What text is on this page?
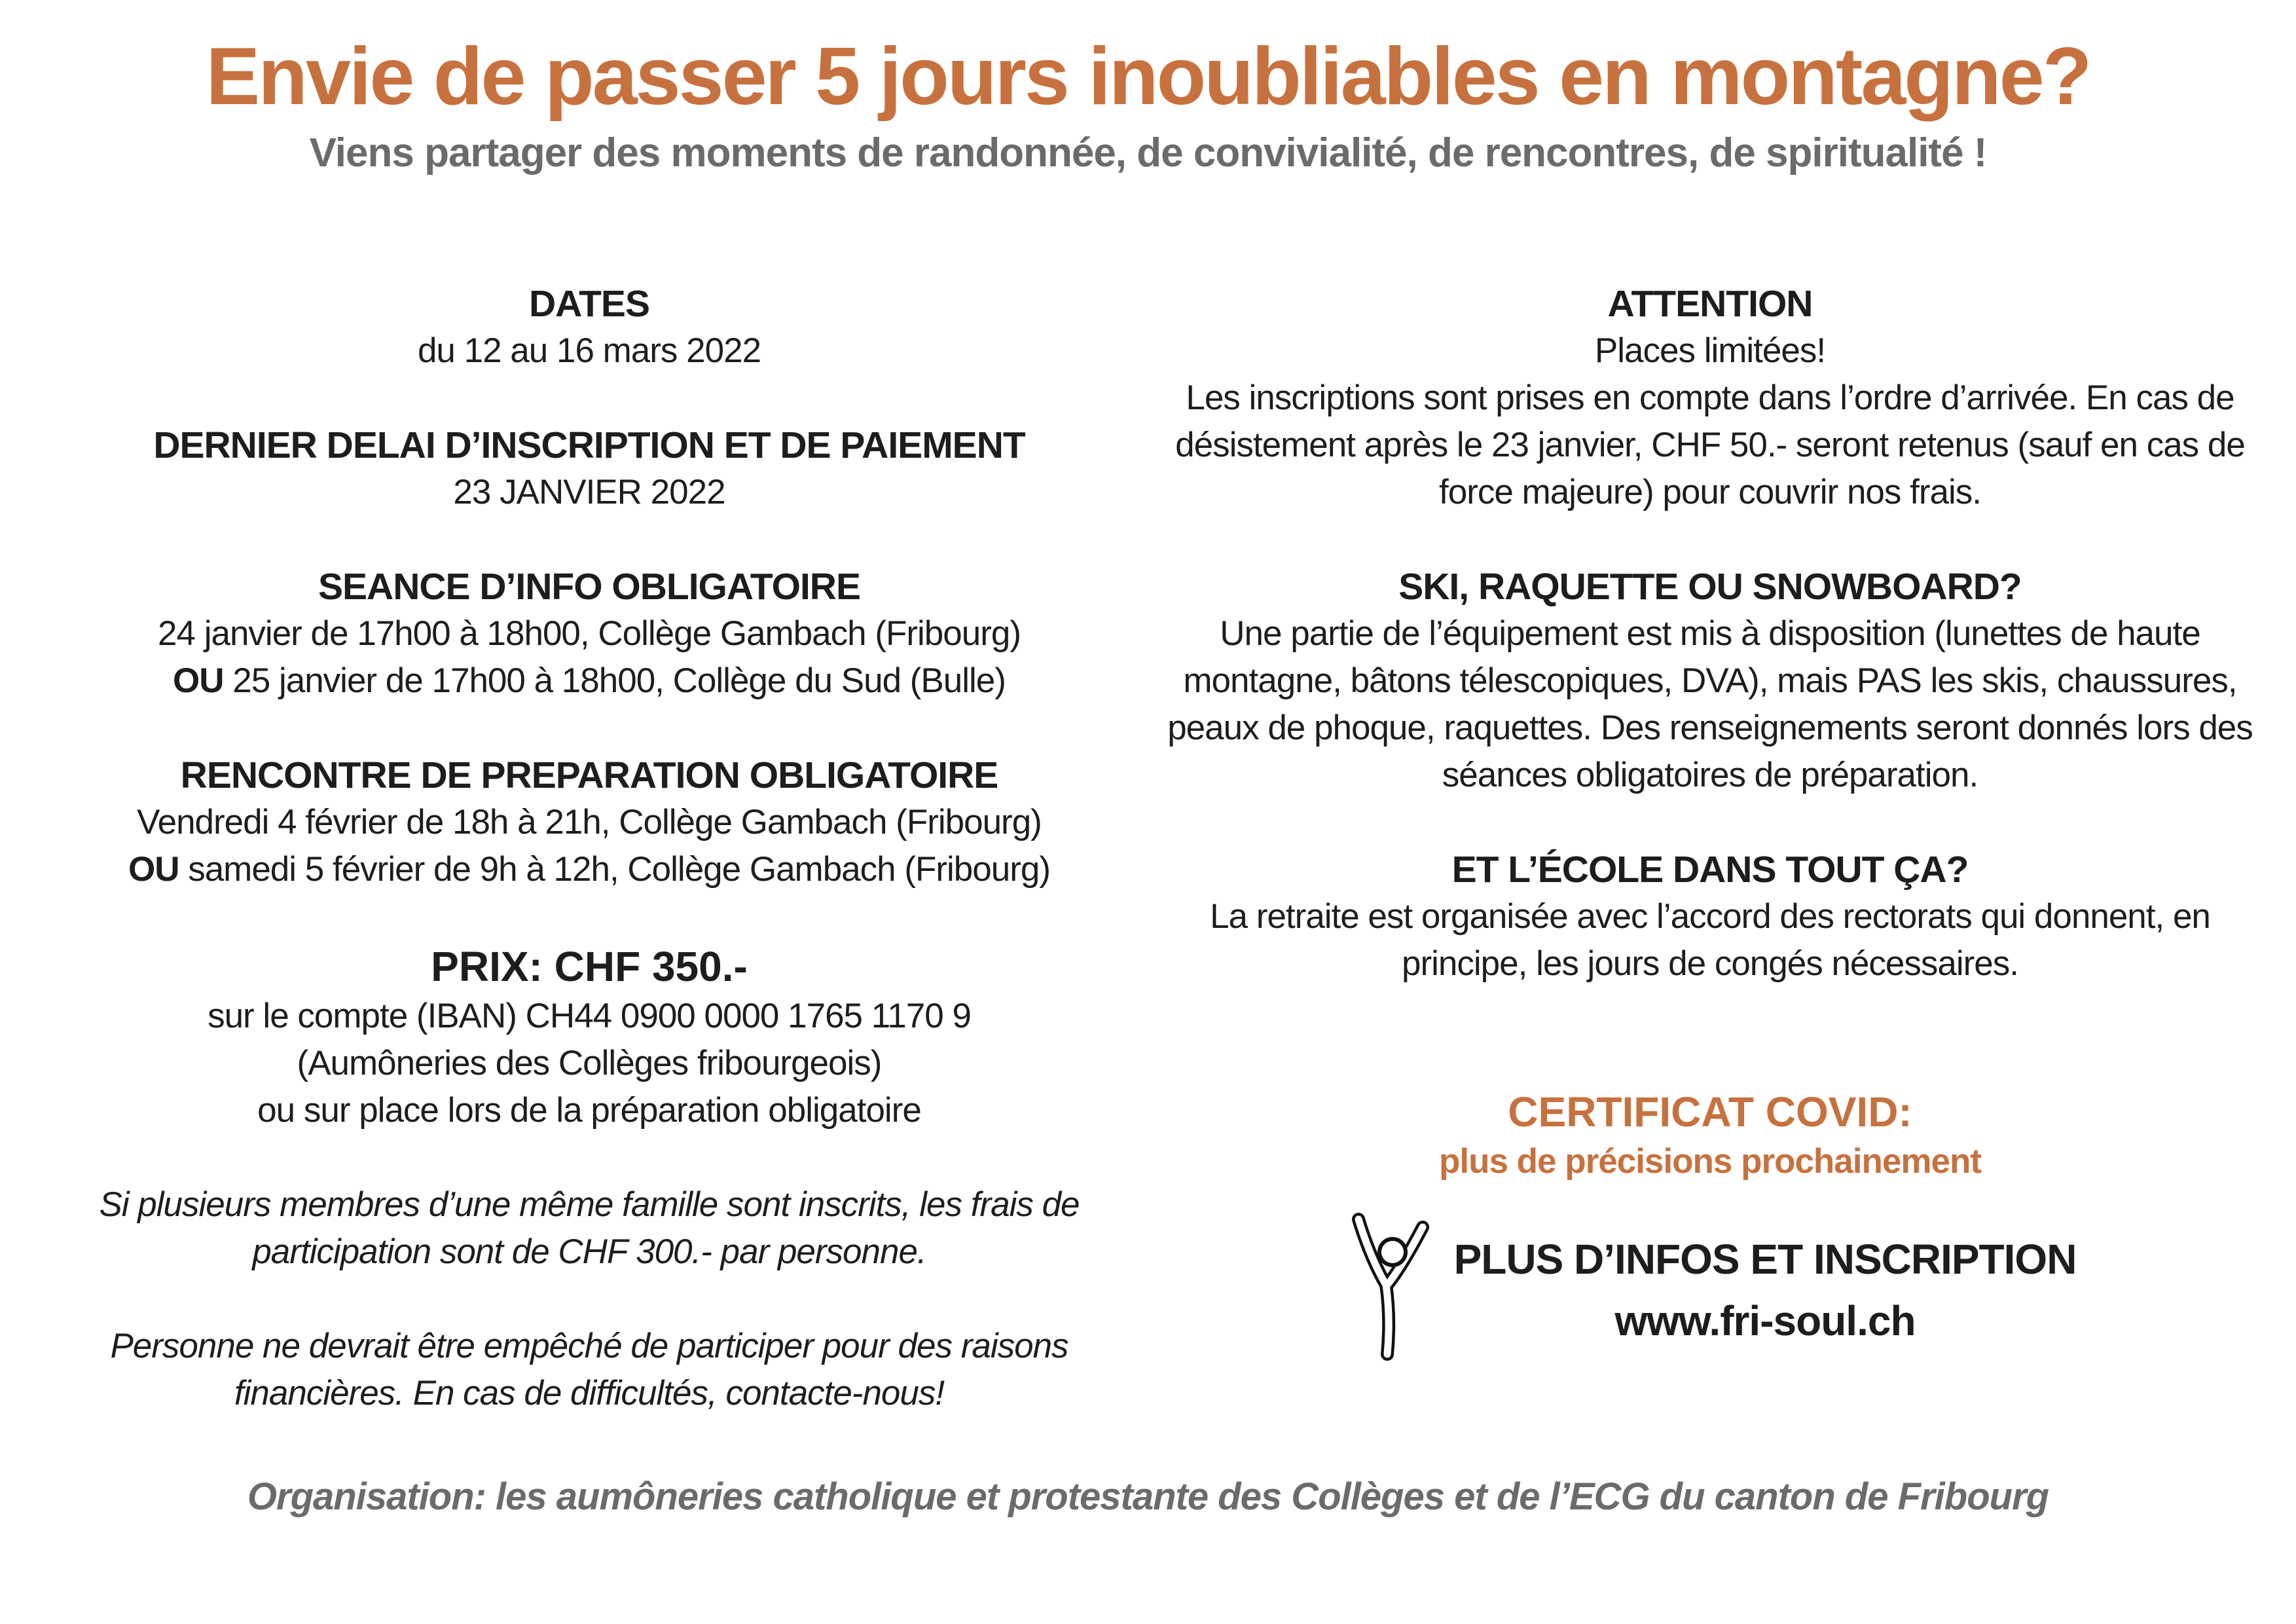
Envie de passer 5 jours inoubliables en montagne?
Viens partager des moments de randonnée, de convivialité, de rencontres, de spiritualité !
DATES

du 12 au 16 mars 2022

DERNIER DELAI D’INSCRIPTION ET DE PAIEMENT

23 JANVIER 2022

SEANCE D’INFO OBLIGATOIRE

24 janvier de 17h00 à 18h00, Collège Gambach (Fribourg)

OU 25 janvier de 17h00 à 18h00, Collège du Sud (Bulle)

RENCONTRE DE PREPARATION OBLIGATOIRE

Vendredi 4 février de 18h à 21h, Collège Gambach (Fribourg)

OU samedi 5 février de 9h à 12h, Collège Gambach (Fribourg)

PRIX: CHF 350.-

sur le compte (IBAN) CH44 0900 0000 1765 1170 9

(Aumôneries des Collèges fribourgeois)

ou sur place lors de la préparation obligatoire

Si plusieurs membres d’une même famille sont inscrits, les frais de participation sont de CHF 300.- par personne.

Personne ne devrait être empêché de participer pour des raisons financières. En cas de difficultés, contacte-nous!

ATTENTION

Places limitées!

Les inscriptions sont prises en compte dans l’ordre d’arrivée. En cas de désistement après le 23 janvier, CHF 50.- seront retenus (sauf en cas de force majeure) pour couvrir nos frais.

SKI, RAQUETTE OU SNOWBOARD?

Une partie de l’équipement est mis à disposition (lunettes de haute montagne, bâtons télescopiques, DVA), mais PAS les skis, chaussures, peaux de phoque, raquettes. Des renseignements seront donnés lors des séances obligatoires de préparation.

ET L’ÉCOLE DANS TOUT ÇA?

La retraite est organisée avec l’accord des rectorats qui donnent, en principe, les jours de congés nécessaires.

CERTIFICAT COVID:

plus de précisions prochainement

PLUS D’INFOS ET INSCRIPTION
www.fri-soul.ch

Organisation: les aumôneries catholique et protestante des Collèges et de l’ECG du canton de Fribourg
